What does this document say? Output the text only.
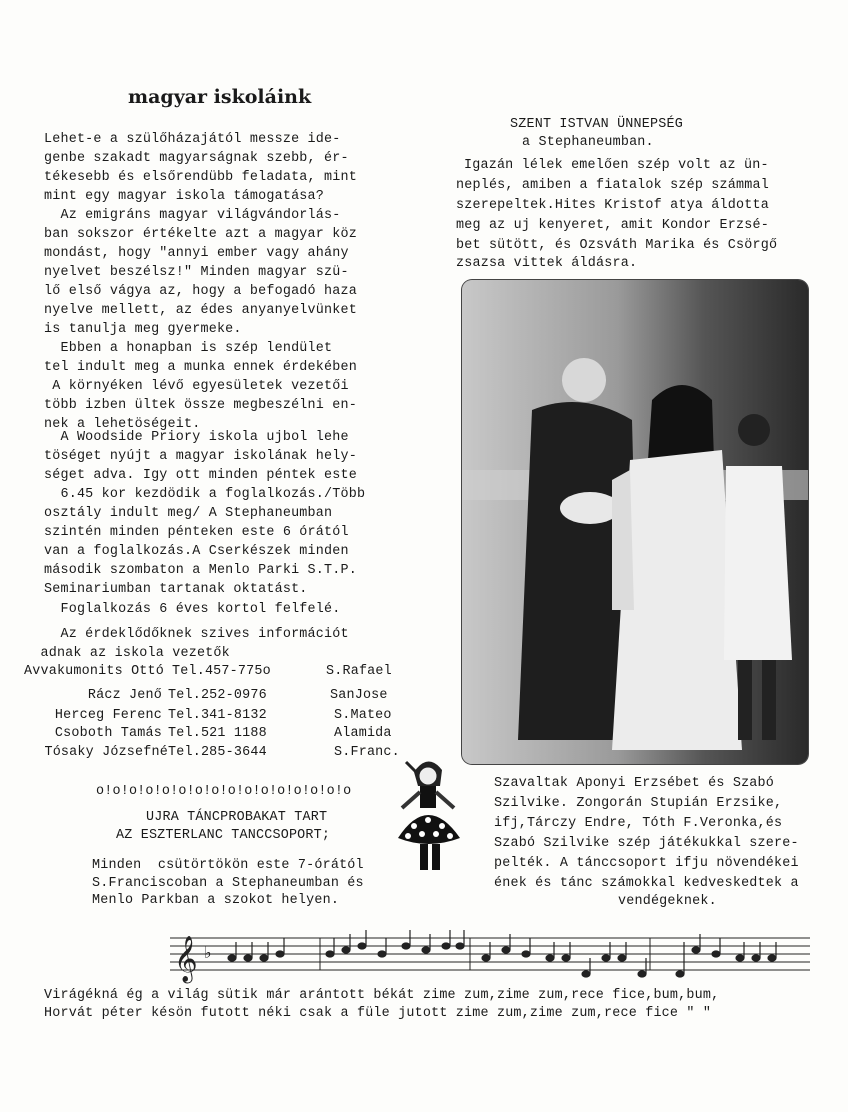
magyar iskoláink
Lehet-e a szülőházajától messze ide-
genbe szakadt magyarságnak szebb, ér-
tékesebb és elsőrendübb feladata, mint
mint egy magyar iskola támogatása?
Az emigráns magyar világvándorlás-
ban sokszor értékelte azt a magyar köz
mondást, hogy "annyi ember vagy ahány
nyelvet beszélsz!" Minden magyar szü-
lő első vágya az, hogy a befogadó haza
nyelve mellett, az édes anyanyelvünket
is tanulja meg gyermeke.
Ebben a honapban is szép lendület
tel indult meg a munka ennek érdekében
A környéken lévő egyesületek vezetői
több izben ültek össze megbeszélni en-
nek a lehetöségeit.
A Woodside Priory iskola ujbol lehe
töséget nyújt a magyar iskolának hely-
séget adva. Igy ott minden péntek este
6.45 kor kezdödik a foglalkozás./Több
osztály indult meg/ A Stephaneumban
szintén minden pénteken este 6 órától
van a foglalkozás.A Cserkészek minden
második szombaton a Menlo Parki S.T.P.
Seminariumban tartanak oktatást.
Foglalkozás 6 éves kortol felfelé.
Az érdeklődőknek szives információt
adnak az iskola vezetők
Avvakumonits Ottó Tel.457-775o	S.Rafael
Rácz Jenő Tel.252-0976	SanJose
Herceg Ferenc Tel.341-8132	S.Mateo
Csoboth Tamás Tel.521 1188	Alamida
Tósaky Józsefné Tel.285-3644	S.Franc.
o!o!o!o!o!o!o!o!o!o!o!o!o!o!o!o
UJRA TÁNCPROBAKAT TART
AZ ESZTERLANC TANCCSOPORT;
Minden  csütörtökön este 7-órától
S.Franciscoban a Stephaneumban és
Menlo Parkban a szokot helyen.
SZENT ISTVAN ÜNNEPSÉG
a Stephaneumban.
Igazán lélek emelően szép volt az ün-
neplés, amiben a fiatalok szép számmal
szerepeltek.Hites Kristof atya áldotta
meg az uj kenyeret, amit Kondor Erzsé-
bet sütött, és Ozsváth Marika és Csörgő
zsazsa vittek áldásra.
Szavaltak Aponyi Erzsébet és Szabó
Szilvike. Zongorán Stupián Erzsike,
ifj,Tárczy Endre, Tóth F.Veronka,és
Szabó Szilvike szép játékukkal szere-
pelték. A tánccsoport ifju növendékei
ének és tánc számokkal kedveskedtek a
vendégeknek.
𝄞 ♭
Virágékná ég a világ sütik már arántott békát zime zum,zime zum,rece fice,bum,bum,
Horvát péter késön futott néki csak a füle jutott zime zum,zime zum,rece fice " "
